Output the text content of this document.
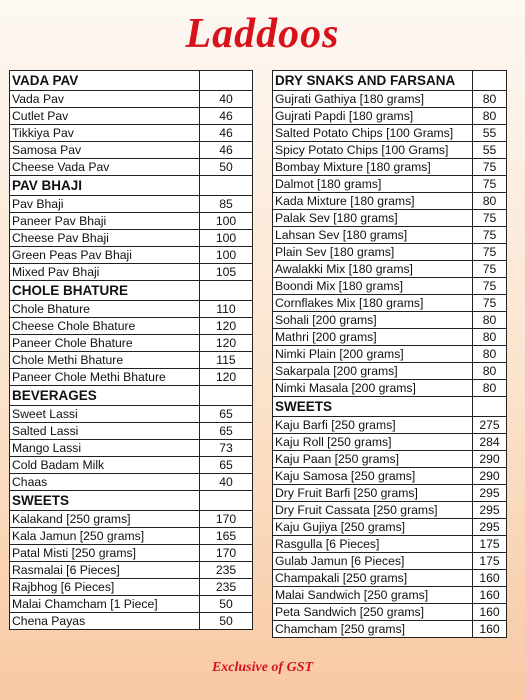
Laddoos
VADA PAV	
Vada Pav	40
Cutlet Pav	46
Tikkiya Pav	46
Samosa Pav	46
Cheese Vada Pav	50
PAV BHAJI	
Pav Bhaji	85
Paneer Pav Bhaji	100
Cheese Pav Bhaji	100
Green Peas Pav Bhaji	100
Mixed Pav Bhaji	105
CHOLE BHATURE	
Chole Bhature	110
Cheese Chole Bhature	120
Paneer Chole Bhature	120
Chole Methi Bhature	115
Paneer Chole Methi Bhature	120
BEVERAGES	
Sweet Lassi	65
Salted Lassi	65
Mango Lassi	73
Cold Badam Milk	65
Chaas	40
SWEETS	
Kalakand [250 grams]	170
Kala Jamun [250 grams]	165
Patal Misti [250 grams]	170
Rasmalai [6 Pieces]	235
Rajbhog [6 Pieces]	235
Malai Chamcham [1 Piece]	50
Chena Payas	50
DRY SNAKS AND FARSANA	
Gujrati Gathiya [180 grams]	80
Gujrati Papdi [180 grams]	80
Salted Potato Chips [100 Grams]	55
Spicy Potato Chips [100 Grams]	55
Bombay Mixture [180 grams]	75
Dalmot [180 grams]	75
Kada Mixture [180 grams]	80
Palak Sev [180 grams]	75
Lahsan Sev [180 grams]	75
Plain Sev [180 grams]	75
Awalakki Mix [180 grams]	75
Boondi Mix [180 grams]	75
Cornflakes Mix [180 grams]	75
Sohali [200 grams]	80
Mathri [200 grams]	80
Nimki Plain [200 grams]	80
Sakarpala [200 grams]	80
Nimki Masala [200 grams]	80
SWEETS	
Kaju Barfi [250 grams]	275
Kaju Roll [250 grams]	284
Kaju Paan [250 grams]	290
Kaju Samosa [250 grams]	290
Dry Fruit Barfi [250 grams]	295
Dry Fruit Cassata [250 grams]	295
Kaju Gujiya [250 grams]	295
Rasgulla [6 Pieces]	175
Gulab Jamun [6 Pieces]	175
Champakali [250 grams]	160
Malai Sandwich [250 grams]	160
Peta Sandwich [250 grams]	160
Chamcham [250 grams]	160
Exclusive of GST
